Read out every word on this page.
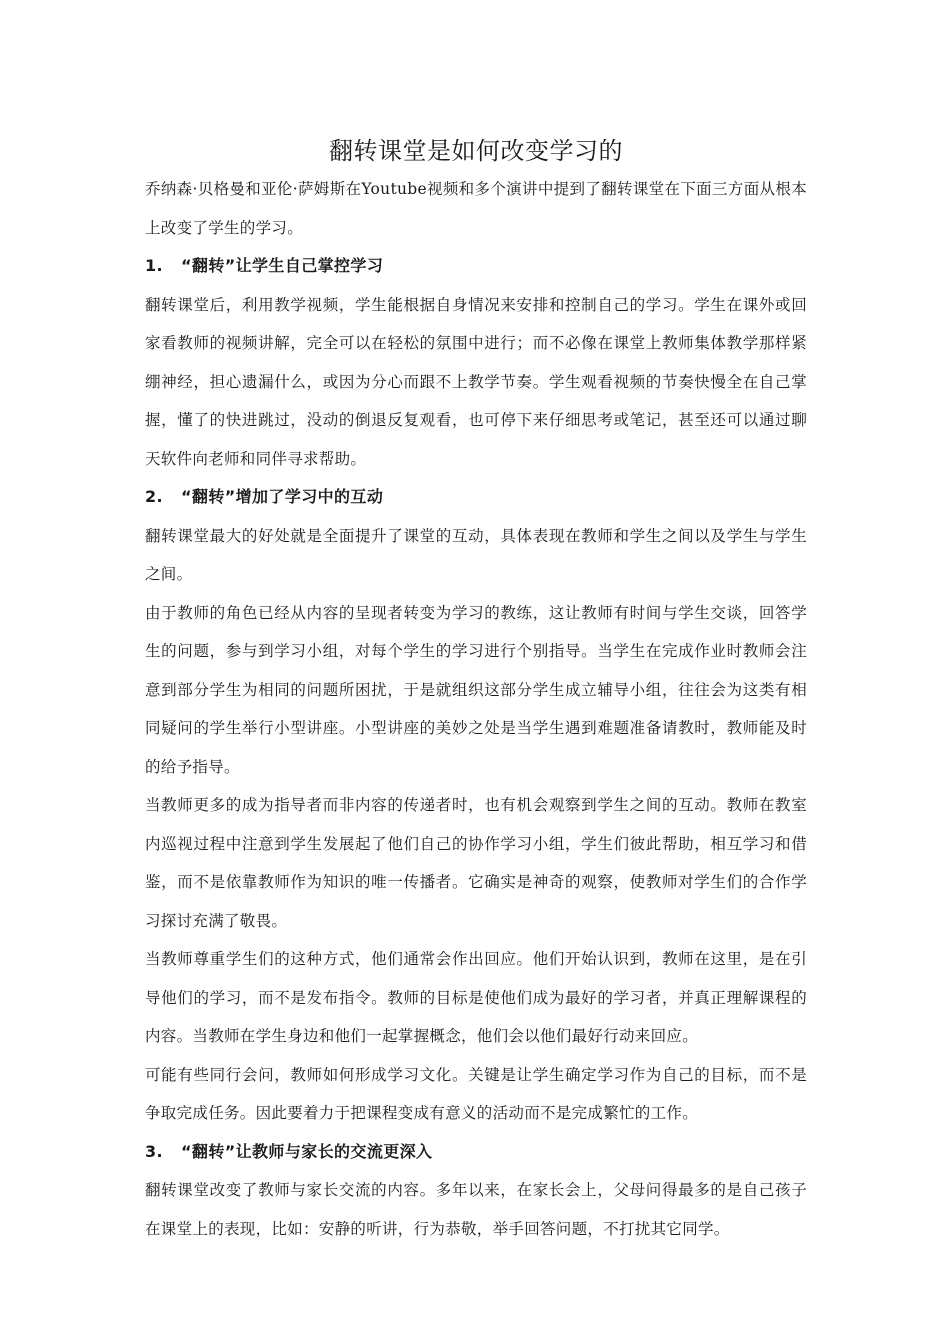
翻转课堂是如何改变学习的

乔纳森·贝格曼和亚伦·萨姆斯在Youtube视频和多个演讲中提到了翻转课堂在下面三方面从根本上改变了学生的学习。

1. “翻转”让学生自己掌控学习

翻转课堂后，利用教学视频，学生能根据自身情况来安排和控制自己的学习。学生在课外或回家看教师的视频讲解，完全可以在轻松的氛围中进行；而不必像在课堂上教师集体教学那样紧绷神经，担心遗漏什么，或因为分心而跟不上教学节奏。学生观看视频的节奏快慢全在自己掌握，懂了的快进跳过，没动的倒退反复观看，也可停下来仔细思考或笔记，甚至还可以通过聊天软件向老师和同伴寻求帮助。

2. “翻转”增加了学习中的互动

翻转课堂最大的好处就是全面提升了课堂的互动，具体表现在教师和学生之间以及学生与学生之间。

由于教师的角色已经从内容的呈现者转变为学习的教练，这让教师有时间与学生交谈，回答学生的问题，参与到学习小组，对每个学生的学习进行个别指导。当学生在完成作业时教师会注意到部分学生为相同的问题所困扰，于是就组织这部分学生成立辅导小组，往往会为这类有相同疑问的学生举行小型讲座。小型讲座的美妙之处是当学生遇到难题准备请教时，教师能及时的给予指导。

当教师更多的成为指导者而非内容的传递者时，也有机会观察到学生之间的互动。教师在教室内巡视过程中注意到学生发展起了他们自己的协作学习小组，学生们彼此帮助，相互学习和借鉴，而不是依靠教师作为知识的唯一传播者。它确实是神奇的观察，使教师对学生们的合作学习探讨充满了敬畏。

当教师尊重学生们的这种方式，他们通常会作出回应。他们开始认识到，教师在这里，是在引导他们的学习，而不是发布指令。教师的目标是使他们成为最好的学习者，并真正理解课程的内容。当教师在学生身边和他们一起掌握概念，他们会以他们最好行动来回应。

可能有些同行会问，教师如何形成学习文化。关键是让学生确定学习作为自己的目标，而不是争取完成任务。因此要着力于把课程变成有意义的活动而不是完成繁忙的工作。

3. “翻转”让教师与家长的交流更深入

翻转课堂改变了教师与家长交流的内容。多年以来，在家长会上，父母问得最多的是自己孩子在课堂上的表现，比如：安静的听讲，行为恭敬，举手回答问题，不打扰其它同学。
